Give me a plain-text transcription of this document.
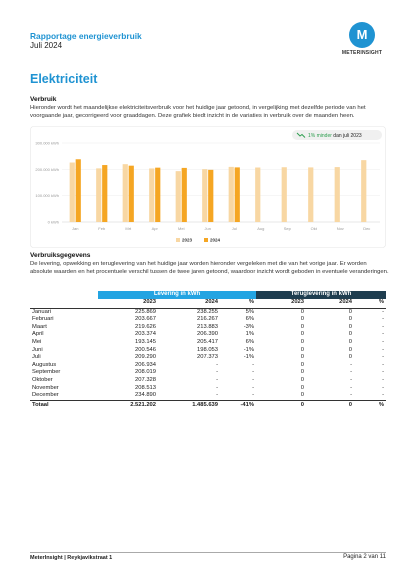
Rapportage energieverbruik
Juli 2024
M
METERINSIGHT
Elektriciteit
Verbruik
Hieronder wordt het maandelijkse elektriciteitsverbruik voor het huidige jaar getoond, in vergelijking met dezelfde periode van het voorgaande jaar, gecorrigeerd voor graaddagen. Deze grafiek biedt inzicht in de variaties in verbruik over de maanden heen.
1% minder dan juli 2023
0 kWh
100.000 kWh
200.000 kWh
300.000 kWh
Jan	Feb	Mrt	Apr	Mei	Jun	Jul	Aug	Sep	Okt	Nov	Dec
2023	2024
Verbruiksgegevens
De levering, opwekking en teruglevering van het huidige jaar worden hieronder vergeleken met die van het vorige jaar. Er worden absolute waarden en het procentuele verschil tussen de twee jaren getoond, waardoor inzicht wordt geboden in eventuele veranderingen.
	Levering in kWh			Teruglevering in kWh		
	2023	2024	%	2023	2024	%
Januari	225.869	238.255	5%	0	0	-
Februari	203.667	216.267	6%	0	0	-
Maart	219.626	213.883	-3%	0	0	-
April	203.374	206.390	1%	0	0	-
Mei	193.145	205.417	6%	0	0	-
Juni	200.546	198.053	-1%	0	0	-
Juli	209.290	207.373	-1%	0	0	-
Augustus	206.934	-	-	0	-	-
September	208.019	-	-	0	-	-
Oktober	207.328	-	-	0	-	-
November	208.513	-	-	0	-	-
December	234.890	-	-	0	-	-
Totaal	2.521.202	1.485.639	-41%	0	0	%
MeterInsight | Reykjavikstraat 1	Pagina 2 van 11
